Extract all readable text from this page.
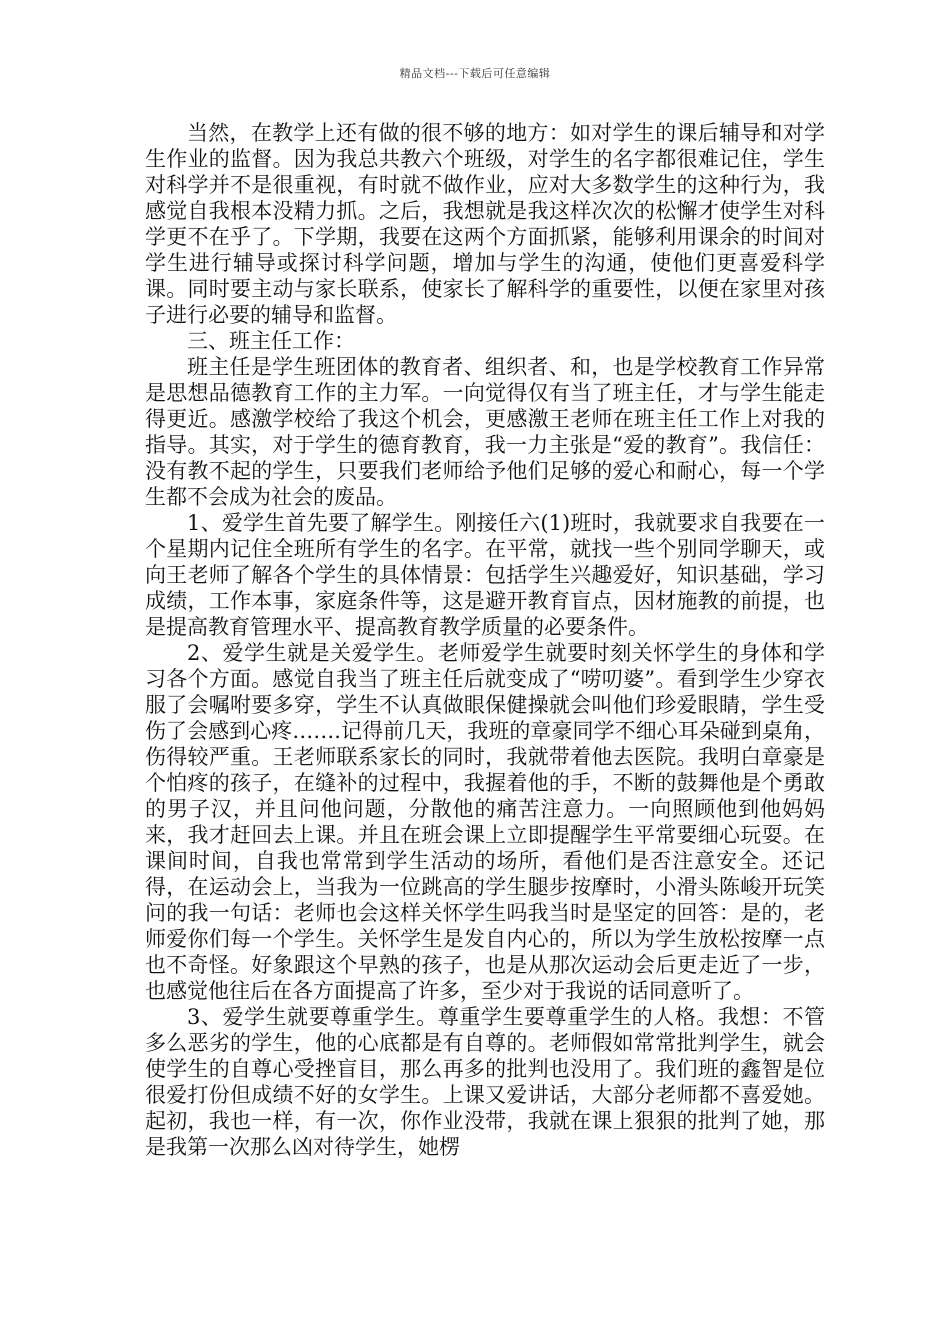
精品文档---下载后可任意编辑

当然，在教学上还有做的很不够的地方：如对学生的课后辅导和对学生作业的监督。因为我总共教六个班级，对学生的名字都很难记住，学生对科学并不是很重视，有时就不做作业，应对大多数学生的这种行为，我感觉自我根本没精力抓。之后，我想就是我这样次次的松懈才使学生对科学更不在乎了。下学期，我要在这两个方面抓紧，能够利用课余的时间对学生进行辅导或探讨科学问题，增加与学生的沟通，使他们更喜爱科学课。同时要主动与家长联系，使家长了解科学的重要性，以便在家里对孩子进行必要的辅导和监督。

三、班主任工作：

班主任是学生班团体的教育者、组织者、和，也是学校教育工作异常是思想品德教育工作的主力军。一向觉得仅有当了班主任，才与学生能走得更近。感激学校给了我这个机会，更感激王老师在班主任工作上对我的指导。其实，对于学生的德育教育，我一力主张是“爱的教育”。我信任：没有教不起的学生，只要我们老师给予他们足够的爱心和耐心，每一个学生都不会成为社会的废品。

1、爱学生首先要了解学生。刚接任六(1)班时，我就要求自我要在一个星期内记住全班所有学生的名字。在平常，就找一些个别同学聊天，或向王老师了解各个学生的具体情景：包括学生兴趣爱好，知识基础，学习成绩，工作本事，家庭条件等，这是避开教育盲点，因材施教的前提，也是提高教育管理水平、提高教育教学质量的必要条件。

2、爱学生就是关爱学生。老师爱学生就要时刻关怀学生的身体和学习各个方面。感觉自我当了班主任后就变成了“唠叨婆”。看到学生少穿衣服了会嘱咐要多穿，学生不认真做眼保健操就会叫他们珍爱眼睛，学生受伤了会感到心疼…….记得前几天，我班的章豪同学不细心耳朵碰到桌角，伤得较严重。王老师联系家长的同时，我就带着他去医院。我明白章豪是个怕疼的孩子，在缝补的过程中，我握着他的手，不断的鼓舞他是个勇敢的男子汉，并且问他问题，分散他的痛苦注意力。一向照顾他到他妈妈来，我才赶回去上课。并且在班会课上立即提醒学生平常要细心玩耍。在课间时间，自我也常常到学生活动的场所，看他们是否注意安全。还记得，在运动会上，当我为一位跳高的学生腿步按摩时，小滑头陈峻开玩笑问的我一句话：老师也会这样关怀学生吗我当时是坚定的回答：是的，老师爱你们每一个学生。关怀学生是发自内心的，所以为学生放松按摩一点也不奇怪。好象跟这个早熟的孩子，也是从那次运动会后更走近了一步，也感觉他往后在各方面提高了许多，至少对于我说的话同意听了。

3、爱学生就要尊重学生。尊重学生要尊重学生的人格。我想：不管多么恶劣的学生，他的心底都是有自尊的。老师假如常常批判学生，就会使学生的自尊心受挫盲目，那么再多的批判也没用了。我们班的鑫智是位很爱打份但成绩不好的女学生。上课又爱讲话，大部分老师都不喜爱她。起初，我也一样，有一次，你作业没带，我就在课上狠狠的批判了她，那是我第一次那么凶对待学生，她楞
